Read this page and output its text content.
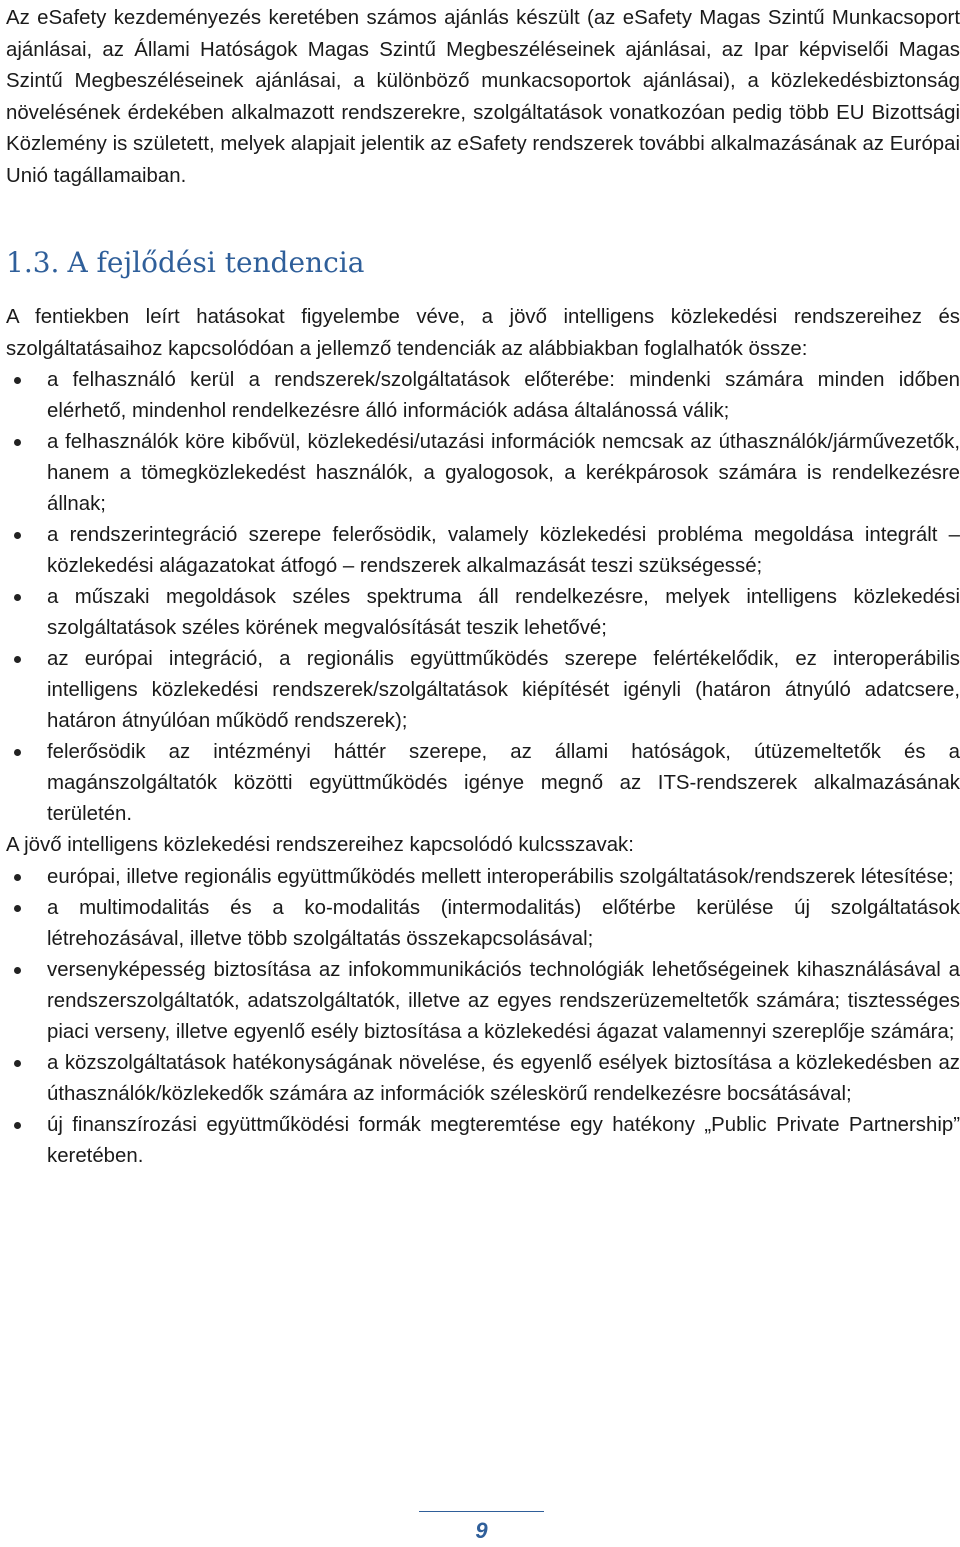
Az eSafety kezdeményezés keretében számos ajánlás készült (az eSafety Magas Szintű Munkacsoport ajánlásai, az Állami Hatóságok Magas Szintű Megbeszéléseinek ajánlásai, az Ipar képviselői Magas Szintű Megbeszéléseinek ajánlásai, a különböző munkacsoportok ajánlásai), a közlekedésbiztonság növelésének érdekében alkalmazott rendszerekre, szolgáltatások vonatkozóan pedig több EU Bizottsági Közlemény is született, melyek alapjait jelentik az eSafety rendszerek további alkalmazásának az Európai Unió tagállamaiban.

1.3. A fejlődési tendencia

A fentiekben leírt hatásokat figyelembe véve, a jövő intelligens közlekedési rendszereihez és szolgáltatásaihoz kapcsolódóan a jellemző tendenciák az alábbiakban foglalhatók össze:

a felhasználó kerül a rendszerek/szolgáltatások előterébe: mindenki számára minden időben elérhető, mindenhol rendelkezésre álló információk adása általánossá válik;
a felhasználók köre kibővül, közlekedési/utazási információk nemcsak az úthasználók/járművezetők, hanem a tömegközlekedést használók, a gyalogosok, a kerékpárosok számára is rendelkezésre állnak;
a rendszerintegráció szerepe felerősödik, valamely közlekedési probléma megoldása integrált – közlekedési alágazatokat átfogó – rendszerek alkalmazását teszi szükségessé;
a műszaki megoldások széles spektruma áll rendelkezésre, melyek intelligens közlekedési szolgáltatások széles körének megvalósítását teszik lehetővé;
az európai integráció, a regionális együttműködés szerepe felértékelődik, ez interoperábilis intelligens közlekedési rendszerek/szolgáltatások kiépítését igényli (határon átnyúló adatcsere, határon átnyúlóan működő rendszerek);
felerősödik az intézményi háttér szerepe, az állami hatóságok, útüzemeltetők és a magánszolgáltatók közötti együttműködés igénye megnő az ITS-rendszerek alkalmazásának területén.

A jövő intelligens közlekedési rendszereihez kapcsolódó kulcsszavak:

európai, illetve regionális együttműködés mellett interoperábilis szolgáltatások/rendszerek létesítése;
a multimodalitás és a ko-modalitás (intermodalitás) előtérbe kerülése új szolgáltatások létrehozásával, illetve több szolgáltatás összekapcsolásával;
versenyképesség biztosítása az infokommunikációs technológiák lehetőségeinek kihasználásával a rendszerszolgáltatók, adatszolgáltatók, illetve az egyes rendszerüzemeltetők számára; tisztességes piaci verseny, illetve egyenlő esély biztosítása a közlekedési ágazat valamennyi szereplője számára;
a közszolgáltatások hatékonyságának növelése, és egyenlő esélyek biztosítása a közlekedésben az úthasználók/közlekedők számára az információk széleskörű rendelkezésre bocsátásával;
új finanszírozási együttműködési formák megteremtése egy hatékony „Public Private Partnership” keretében.
9
